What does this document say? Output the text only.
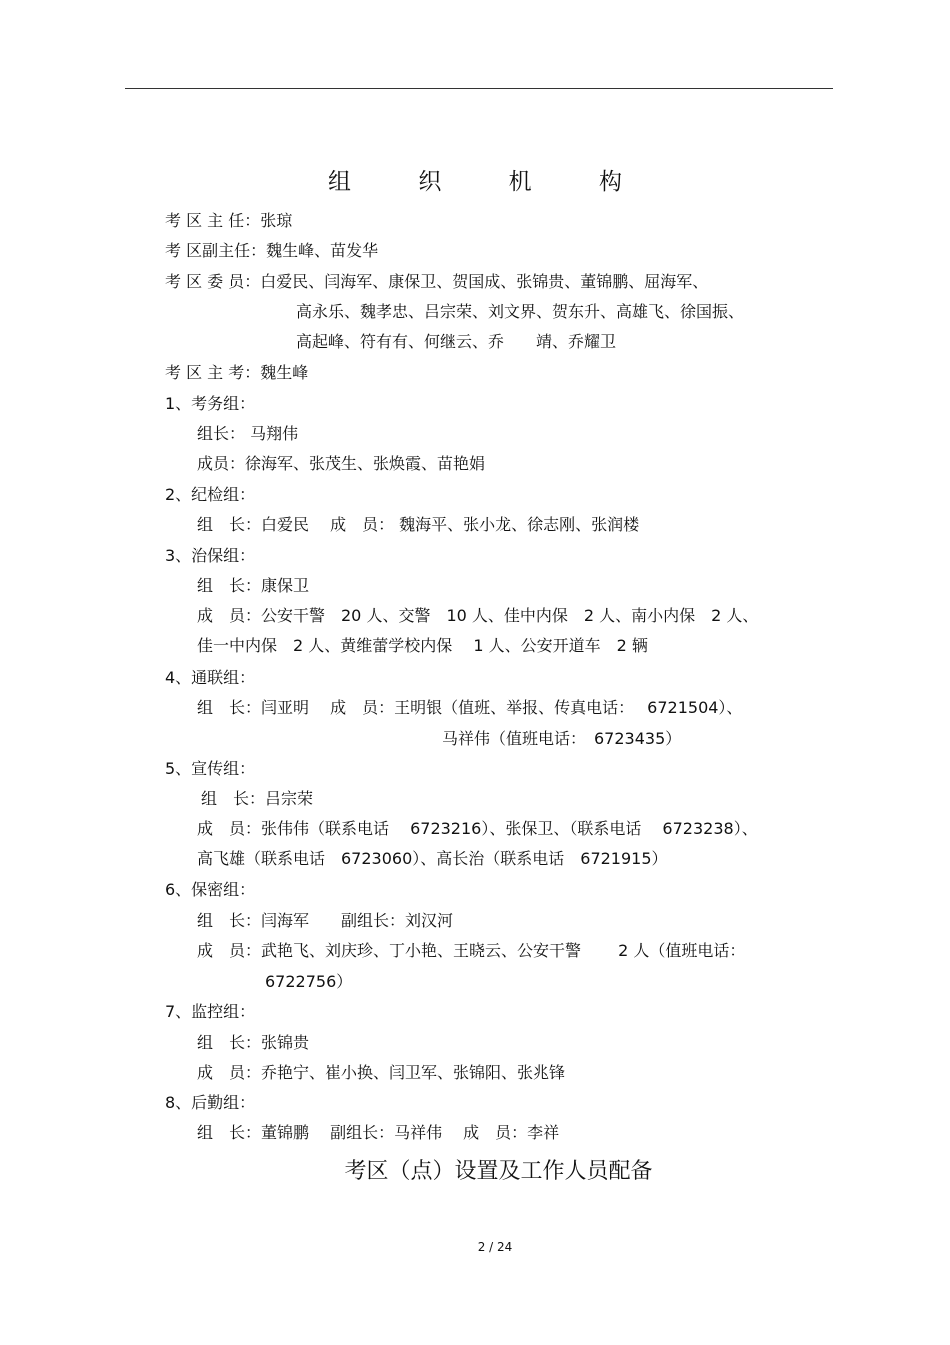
组 织 机 构
考 区 主 任：张琼
考 区副主任：魏生峰、苗发华
考 区 委 员：白爱民、闫海军、康保卫、贺国成、张锦贵、董锦鹏、屈海军、
高永乐、魏孝忠、吕宗荣、刘文界、贺东升、高雄飞、徐国振、
高起峰、符有有、何继云、乔　　靖、乔耀卫
考 区 主 考：魏生峰
1、考务组：
组长： 马翔伟
成员：徐海军、张茂生、张焕霞、苗艳娟
2、纪检组：
组　长：白爱民　 成　员： 魏海平、张小龙、徐志刚、张润楼
3、治保组：
组　长：康保卫
成　员：公安干警　20 人、交警　10 人、佳中内保　2 人、南小内保　2 人、
佳一中内保　2 人、黄维蕾学校内保　 1 人、公安开道车　2 辆
4、通联组：
组　长：闫亚明　 成　员：王明银（值班、举报、传真电话：　 6721504）、
马祥伟（值班电话：　6723435）
5、宣传组：
组　长：吕宗荣
成　员：张伟伟（联系电话　 6723216）、张保卫、（联系电话　 6723238）、
高飞雄（联系电话　6723060）、高长治（联系电话　6721915）
6、保密组：
组　长：闫海军　　副组长：刘汉河
成　员：武艳飞、刘庆珍、丁小艳、王晓云、公安干警　　 2 人（值班电话：
6722756）
7、监控组：
组　长：张锦贵
成　员：乔艳宁、崔小换、闫卫军、张锦阳、张兆锋
8、后勤组：
组　长：董锦鹏　 副组长：马祥伟　 成　员：李祥
考区（点）设置及工作人员配备
2 / 24
